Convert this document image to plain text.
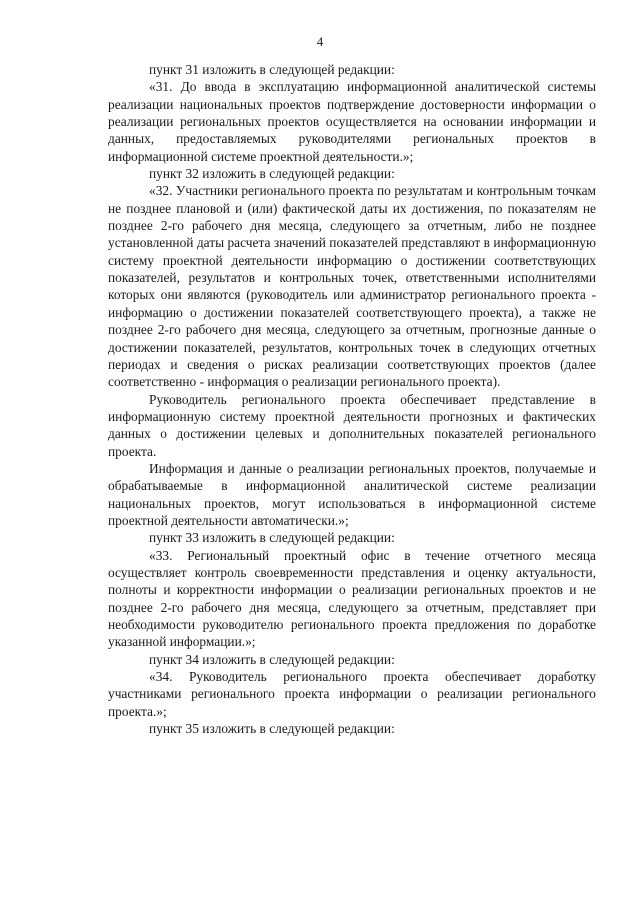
4

пункт 31 изложить в следующей редакции:

«31. До ввода в эксплуатацию информационной аналитической системы реализации национальных проектов подтверждение достоверности информации о реализации региональных проектов осуществляется на основании информации и данных, предоставляемых руководителями региональных проектов в информационной системе проектной деятельности.»;

пункт 32 изложить в следующей редакции:

«32. Участники регионального проекта по результатам и контрольным точкам не позднее плановой и (или) фактической даты их достижения, по показателям не позднее 2-го рабочего дня месяца, следующего за отчетным, либо не позднее установленной даты расчета значений показателей представляют в информационную систему проектной деятельности информацию о достижении соответствующих показателей, результатов и контрольных точек, ответственными исполнителями которых они являются (руководитель или администратор регионального проекта - информацию о достижении показателей соответствующего проекта), а также не позднее 2-го рабочего дня месяца, следующего за отчетным, прогнозные данные о достижении показателей, результатов, контрольных точек в следующих отчетных периодах и сведения о рисках реализации соответствующих проектов (далее соответственно - информация о реализации регионального проекта).

Руководитель регионального проекта обеспечивает представление в информационную систему проектной деятельности прогнозных и фактических данных о достижении целевых и дополнительных показателей регионального проекта.

Информация и данные о реализации региональных проектов, получаемые и обрабатываемые в информационной аналитической системе реализации национальных проектов, могут использоваться в информационной системе проектной деятельности автоматически.»;

пункт 33 изложить в следующей редакции:

«33. Региональный проектный офис в течение отчетного месяца осуществляет контроль своевременности представления и оценку актуальности, полноты и корректности информации о реализации региональных проектов и не позднее 2-го рабочего дня месяца, следующего за отчетным, представляет при необходимости руководителю регионального проекта предложения по доработке указанной информации.»;

пункт 34 изложить в следующей редакции:

«34. Руководитель регионального проекта обеспечивает доработку участниками регионального проекта информации о реализации регионального проекта.»;

пункт 35 изложить в следующей редакции:
